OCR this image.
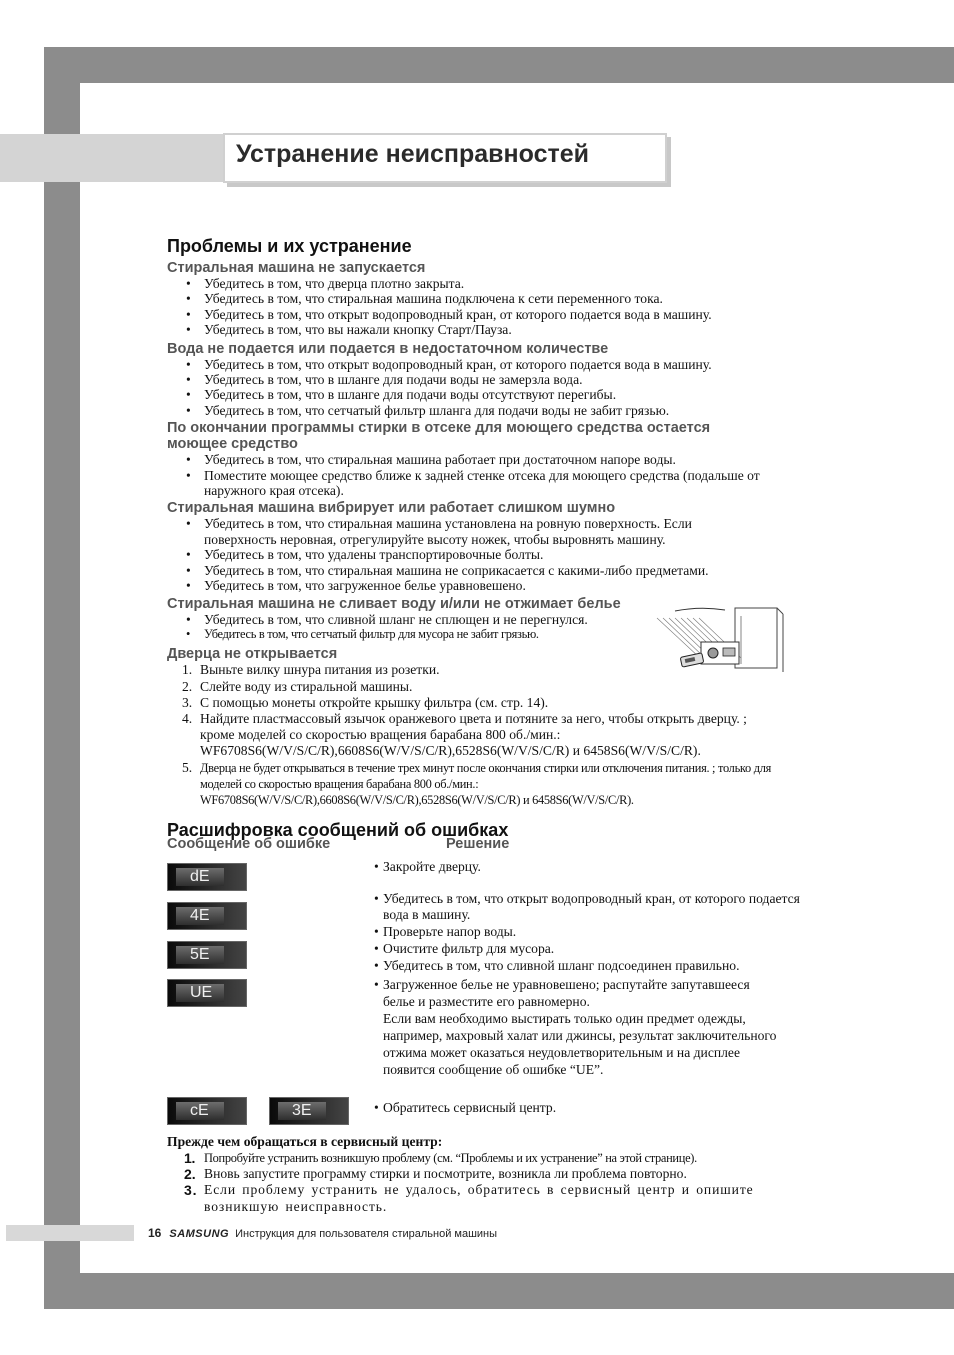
Устранение неисправностей
Проблемы и их устранение
Стиральная машина не запускается
• Убедитесь в том, что дверца плотно закрыта.
• Убедитесь в том, что стиральная машина подключена к сети переменного тока.
• Убедитесь в том, что открыт водопроводный кран, от которого подается вода в машину.
• Убедитесь в том, что вы нажали кнопку Старт/Пауза.
Вода не подается или подается в недостаточном количестве
• Убедитесь в том, что открыт водопроводный кран, от которого подается вода в машину.
• Убедитесь в том, что в шланге для подачи воды не замерзла вода.
• Убедитесь в том, что в шланге для подачи воды отсутствуют перегибы.
• Убедитесь в том, что сетчатый фильтр шланга для подачи воды не забит грязью.
По окончании программы стирки в отсеке для моющего средства остается моющее средство
• Убедитесь в том, что стиральная машина работает при достаточном напоре воды.
• Поместите моющее средство ближе к задней стенке отсека для моющего средства (подальше от наружного края отсека).
Стиральная машина вибрирует или работает слишком шумно
• Убедитесь в том, что стиральная машина установлена на ровную поверхность. Если поверхность неровная, отрегулируйте высоту ножек, чтобы выровнять машину.
• Убедитесь в том, что удалены транспортировочные болты.
• Убедитесь в том, что стиральная машина не соприкасается с какими-либо предметами.
• Убедитесь в том, что загруженное белье уравновешено.
Стиральная машина не сливает воду и/или не отжимает белье
• Убедитесь в том, что сливной шланг не сплющен и не перегнулся.
• Убедитесь в том, что сетчатый фильтр для мусора не забит грязью.
Дверца не открывается
1. Выньте вилку шнура питания из розетки.
2. Слейте воду из стиральной машины.
3. С помощью монеты откройте крышку фильтра (см. стр. 14).
4. Найдите пластмассовый язычок оранжевого цвета и потяните за него, чтобы открыть дверцу. ; кроме моделей со скоростью вращения барабана 800 об./мин.: WF6708S6(W/V/S/C/R),6608S6(W/V/S/C/R),6528S6(W/V/S/C/R) и 6458S6(W/V/S/C/R).
5. Дверца не будет открываться в течение трех минут после окончания стирки или отключения питания. ; только для моделей со скоростью вращения барабана 800 об./мин.: WF6708S6(W/V/S/C/R),6608S6(W/V/S/C/R),6528S6(W/V/S/C/R) и 6458S6(W/V/S/C/R).
Расшифровка сообщений об ошибках
Сообщение об ошибке	Решение
dE
4E
5E
UE
cE	3E
• Закройте дверцу.
• Убедитесь в том, что открыт водопроводный кран, от которого подается вода в машину.
• Проверьте напор воды.
• Очистите фильтр для мусора.
• Убедитесь в том, что сливной шланг подсоединен правильно.
• Загруженное белье не уравновешено; распутайте запутавшееся белье и разместите его равномерно.

Если вам необходимо выстирать только один предмет одежды, например, махровый халат или джинсы, результат заключительного отжима может оказаться неудовлетворительным и на дисплее появится сообщение об ошибке “UE”.

• Обратитесь сервисный центр.
Прежде чем обращаться в сервисный центр:
1. Попробуйте устранить возникшую проблему (см. “Проблемы и их устранение” на этой странице).
2. Вновь запустите программу стирки и посмотрите, возникла ли проблема повторно.
3. Если проблему устранить не удалось, обратитесь в сервисный центр и опишите возникшую неисправность.
16 SAMSUNG Инструкция для пользователя стиральной машины
